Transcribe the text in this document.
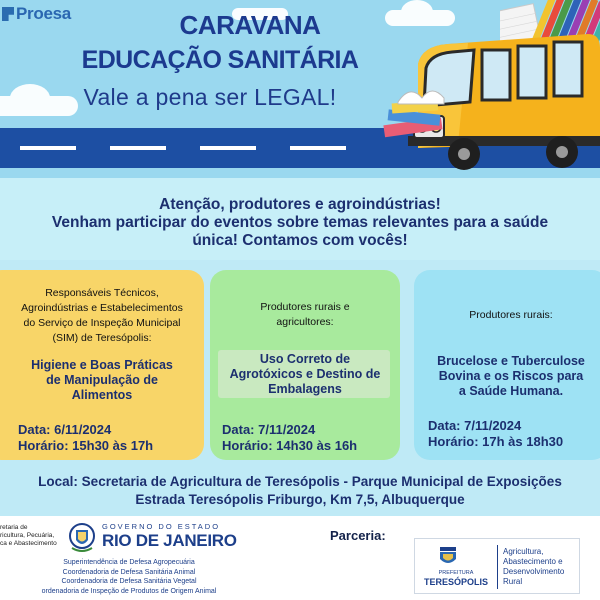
Proesa	CARAVANA
EDUCAÇÃO SANITÁRIA
Vale a pena ser LEGAL!

Atenção, produtores e agroindústrias!

Venham participar do eventos sobre temas relevantes para a saúde

única! Contamos com vocês!

Responsáveis Técnicos,
Agroindústrias e Estabelecimentos
do Serviço de Inspeção Municipal
(SIM) de Teresópolis:
Higiene e Boas Práticas
de Manipulação de
Alimentos
Data: 6/11/2024
Horário: 15h30 às 17h
Produtores rurais e
agricultores:
Uso Correto de
Agrotóxicos e Destino de
Embalagens
Data: 7/11/2024
Horário: 14h30 às 16h
Produtores rurais:
Brucelose e Tuberculose
Bovina e os Riscos para
a Saúde Humana.
Data: 7/11/2024
Horário: 17h às 18h30

Local: Secretaria de Agricultura de Teresópolis - Parque Municipal de Exposições

Estrada Teresópolis Friburgo, Km 7,5, Albuquerque

retaria de
ricultura, Pecuária,
ca e Abastecimento
GOVERNO DO ESTADO
RIO DE JANEIRO
Superintendência de Defesa Agropecuária
Coordenadoria de Defesa Sanitária Animal
Coordenadoria de Defesa Sanitária Vegetal
ordenadoria de Inspeção de Produtos de Origem Animal
Parceria:
PREFEITURA
TERESÓPOLIS
Agricultura,
Abastecimento e
Desenvolvimento
Rural
